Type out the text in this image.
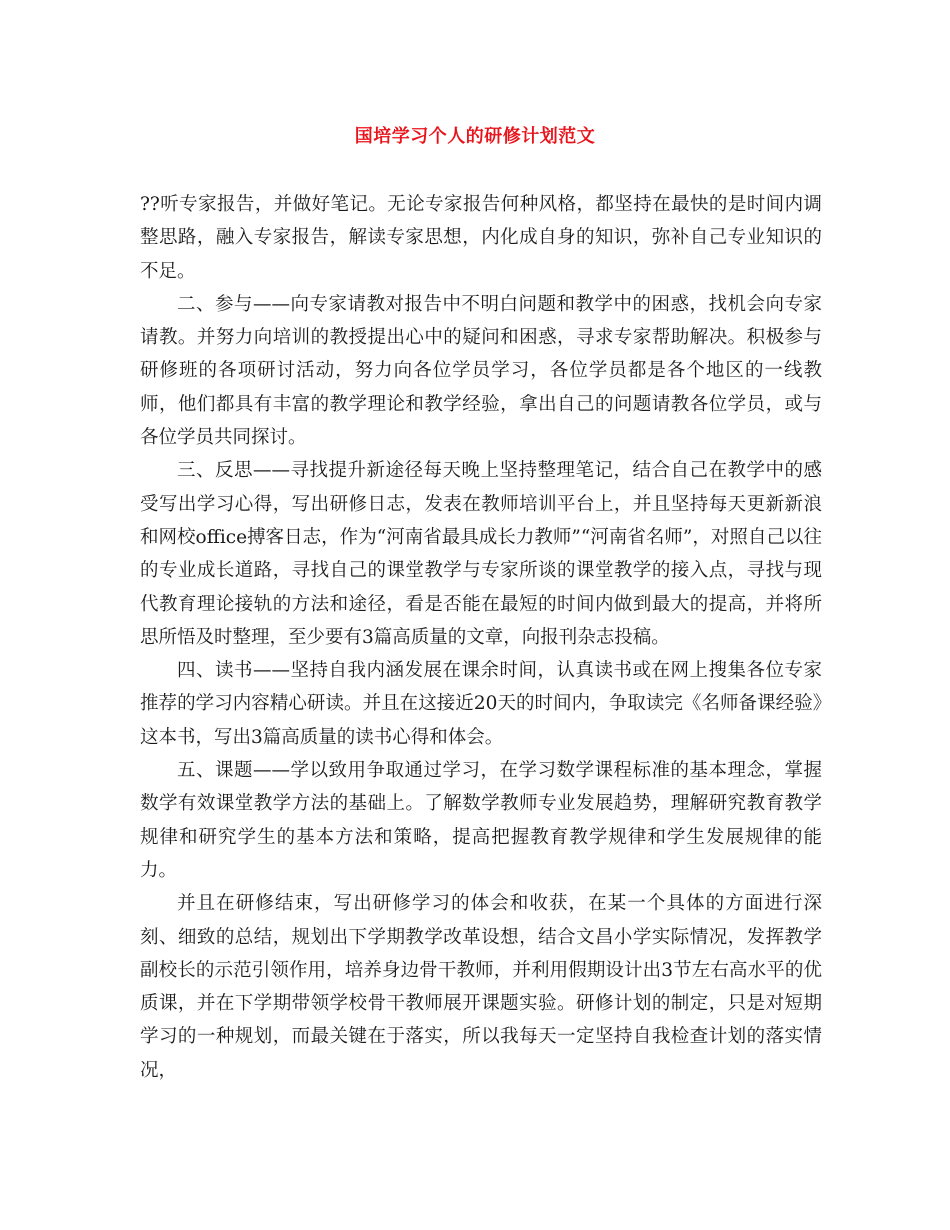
国培学习个人的研修计划范文

??听专家报告，并做好笔记。无论专家报告何种风格，都坚持在最快的是时间内调整思路，融入专家报告，解读专家思想，内化成自身的知识，弥补自己专业知识的不足。

二、参与——向专家请教对报告中不明白问题和教学中的困惑，找机会向专家请教。并努力向培训的教授提出心中的疑问和困惑，寻求专家帮助解决。积极参与研修班的各项研讨活动，努力向各位学员学习，各位学员都是各个地区的一线教师，他们都具有丰富的教学理论和教学经验，拿出自己的问题请教各位学员，或与各位学员共同探讨。

三、反思——寻找提升新途径每天晚上坚持整理笔记，结合自己在教学中的感受写出学习心得，写出研修日志，发表在教师培训平台上，并且坚持每天更新新浪和网校office搏客日志，作为“河南省最具成长力教师”“河南省名师”，对照自己以往的专业成长道路，寻找自己的课堂教学与专家所谈的课堂教学的接入点，寻找与现代教育理论接轨的方法和途径，看是否能在最短的时间内做到最大的提高，并将所思所悟及时整理，至少要有3篇高质量的文章，向报刊杂志投稿。

四、读书——坚持自我内涵发展在课余时间，认真读书或在网上搜集各位专家推荐的学习内容精心研读。并且在这接近20天的时间内，争取读完《名师备课经验》这本书，写出3篇高质量的读书心得和体会。

五、课题——学以致用争取通过学习，在学习数学课程标准的基本理念，掌握数学有效课堂教学方法的基础上。了解数学教师专业发展趋势，理解研究教育教学规律和研究学生的基本方法和策略，提高把握教育教学规律和学生发展规律的能力。

并且在研修结束，写出研修学习的体会和收获，在某一个具体的方面进行深刻、细致的总结，规划出下学期教学改革设想，结合文昌小学实际情况，发挥教学副校长的示范引领作用，培养身边骨干教师，并利用假期设计出3节左右高水平的优质课，并在下学期带领学校骨干教师展开课题实验。研修计划的制定，只是对短期学习的一种规划，而最关键在于落实，所以我每天一定坚持自我检查计划的落实情况，
